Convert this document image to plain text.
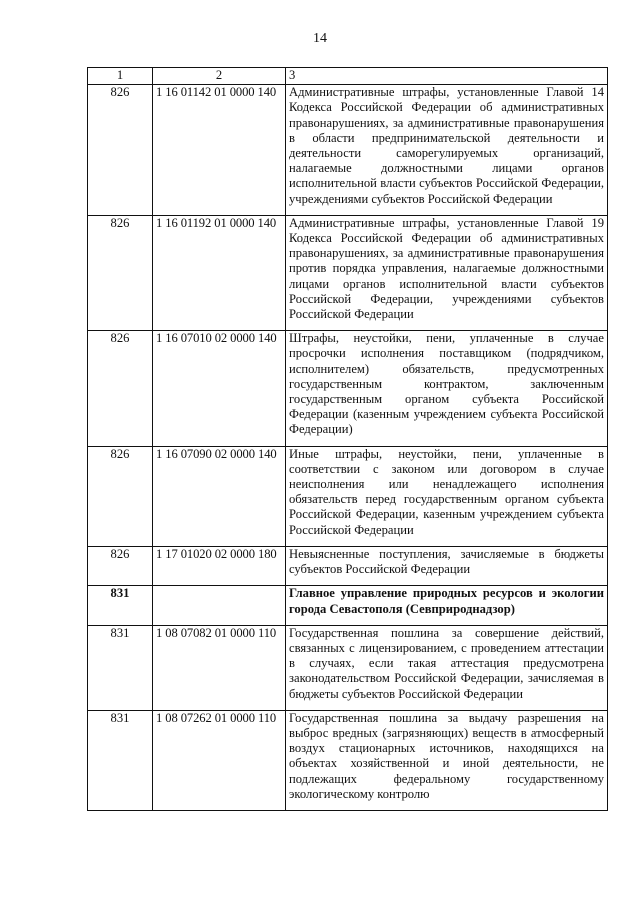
14
1	2	3
826	1 16 01142 01 0000 140	Административные штрафы, установленные Главой 14 Кодекса Российской Федерации об административных правонарушениях, за административные правонарушения в области предпринимательской деятельности и деятельности саморегулируемых организаций, налагаемые должностными лицами органов исполнительной власти субъектов Российской Федерации, учреждениями субъектов Российской Федерации
826	1 16 01192 01 0000 140	Административные штрафы, установленные Главой 19 Кодекса Российской Федерации об административных правонарушениях, за административные правонарушения против порядка управления, налагаемые должностными лицами органов исполнительной власти субъектов Российской Федерации, учреждениями субъектов Российской Федерации
826	1 16 07010 02 0000 140	Штрафы, неустойки, пени, уплаченные в случае просрочки исполнения поставщиком (подрядчиком, исполнителем) обязательств, предусмотренных государственным контрактом, заключенным государственным органом субъекта Российской Федерации (казенным учреждением субъекта Российской Федерации)
826	1 16 07090 02 0000 140	Иные штрафы, неустойки, пени, уплаченные в соответствии с законом или договором в случае неисполнения или ненадлежащего исполнения обязательств перед государственным органом субъекта Российской Федерации, казенным учреждением субъекта Российской Федерации
826	1 17 01020 02 0000 180	Невыясненные поступления, зачисляемые в бюджеты субъектов Российской Федерации
831		Главное управление природных ресурсов и экологии города Севастополя (Севприроднадзор)
831	1 08 07082 01 0000 110	Государственная пошлина за совершение действий, связанных с лицензированием, с проведением аттестации в случаях, если такая аттестация предусмотрена законодательством Российской Федерации, зачисляемая в бюджеты субъектов Российской Федерации
831	1 08 07262 01 0000 110	Государственная пошлина за выдачу разрешения на выброс вредных (загрязняющих) веществ в атмосферный воздух стационарных источников, находящихся на объектах хозяйственной и иной деятельности, не подлежащих федеральному государственному экологическому контролю
